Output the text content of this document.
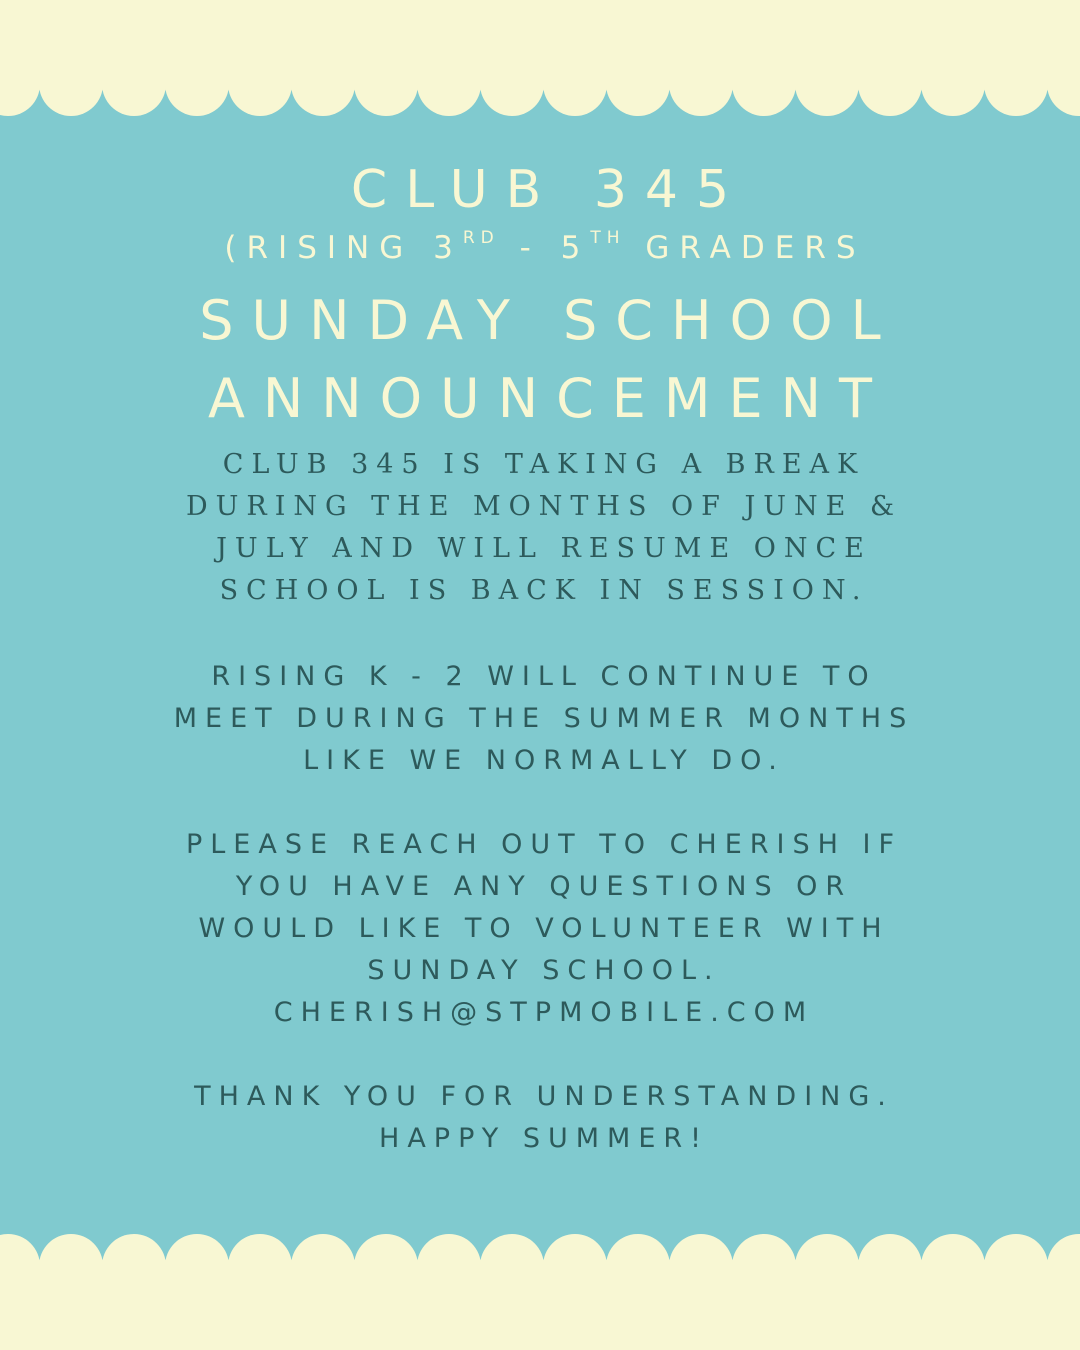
CLUB 345
(RISING 3RD - 5TH GRADERS
SUNDAY SCHOOL
ANNOUNCEMENT
CLUB 345 IS TAKING A BREAK
DURING THE MONTHS OF JUNE &
JULY AND WILL RESUME ONCE
SCHOOL IS BACK IN SESSION.
RISING K - 2 WILL CONTINUE TO
MEET DURING THE SUMMER MONTHS
LIKE WE NORMALLY DO.
PLEASE REACH OUT TO CHERISH IF
YOU HAVE ANY QUESTIONS OR
WOULD LIKE TO VOLUNTEER WITH
SUNDAY SCHOOL.
CHERISH@STPMOBILE.COM
THANK YOU FOR UNDERSTANDING.
HAPPY SUMMER!
